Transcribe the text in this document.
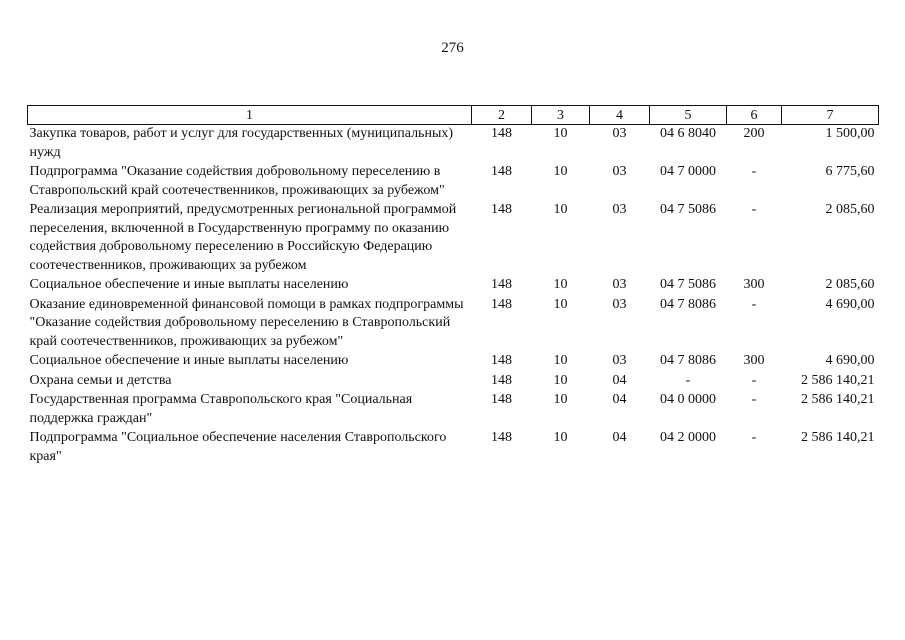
276
1	2	3	4	5	6	7
Закупка товаров, работ и услуг для государственных (муниципальных) нужд	148	10	03	04 6 8040	200	1 500,00
Подпрограмма "Оказание содействия добровольному переселению в Ставропольский край соотечественников, проживающих за рубежом"	148	10	03	04 7 0000	-	6 775,60
Реализация мероприятий, предусмотренных региональной программой переселения, включенной в Государственную программу по оказанию содействия добровольному переселению в Российскую Федерацию соотечественников, проживающих за рубежом	148	10	03	04 7 5086	-	2 085,60
Социальное обеспечение и иные выплаты населению	148	10	03	04 7 5086	300	2 085,60
Оказание единовременной финансовой помощи в рамках подпрограммы "Оказание содействия добровольному переселению в Ставропольский край соотечественников, проживающих за рубежом"	148	10	03	04 7 8086	-	4 690,00
Социальное обеспечение и иные выплаты населению	148	10	03	04 7 8086	300	4 690,00
Охрана семьи и детства	148	10	04	-	-	2 586 140,21
Государственная программа Ставропольского края "Социальная поддержка граждан"	148	10	04	04 0 0000	-	2 586 140,21
Подпрограмма "Социальное обеспечение населения Ставропольского края"	148	10	04	04 2 0000	-	2 586 140,21
